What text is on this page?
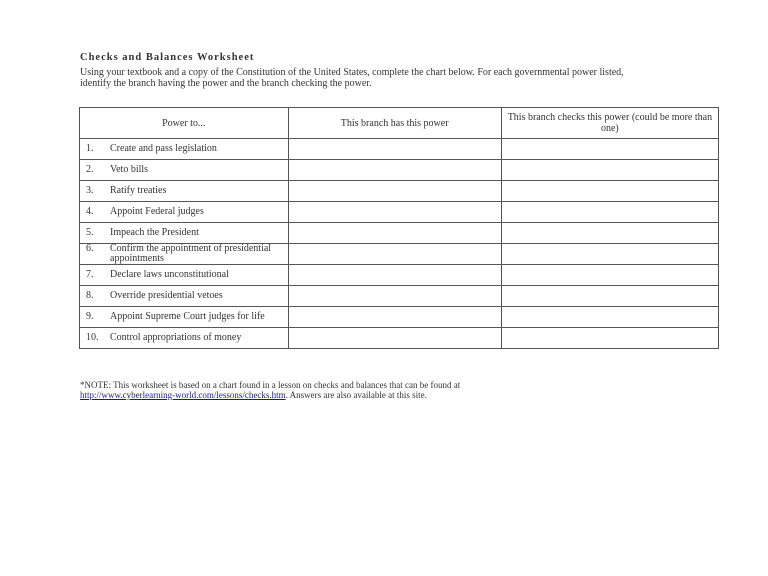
Checks and Balances Worksheet
Using your textbook and a copy of the Constitution of the United States, complete the chart below. For each governmental power listed, identify the branch having the power and the branch checking the power.
Power to...	This branch has this power	This branch checks this power (could be more than one)

1. Create and pass legislation		

2. Veto bills		

3. Ratify treaties		

4. Appoint Federal judges		

5. Impeach the President		

6. Confirm the appointment of presidential appointments		

7. Declare laws unconstitutional		

8. Override presidential vetoes		

9. Appoint Supreme Court judges for life		

10. Control appropriations of money		

*NOTE: This worksheet is based on a chart found in a lesson on checks and balances that can be found at
http://www.cyberlearning-world.com/lessons/checks.htm. Answers are also available at this site.
